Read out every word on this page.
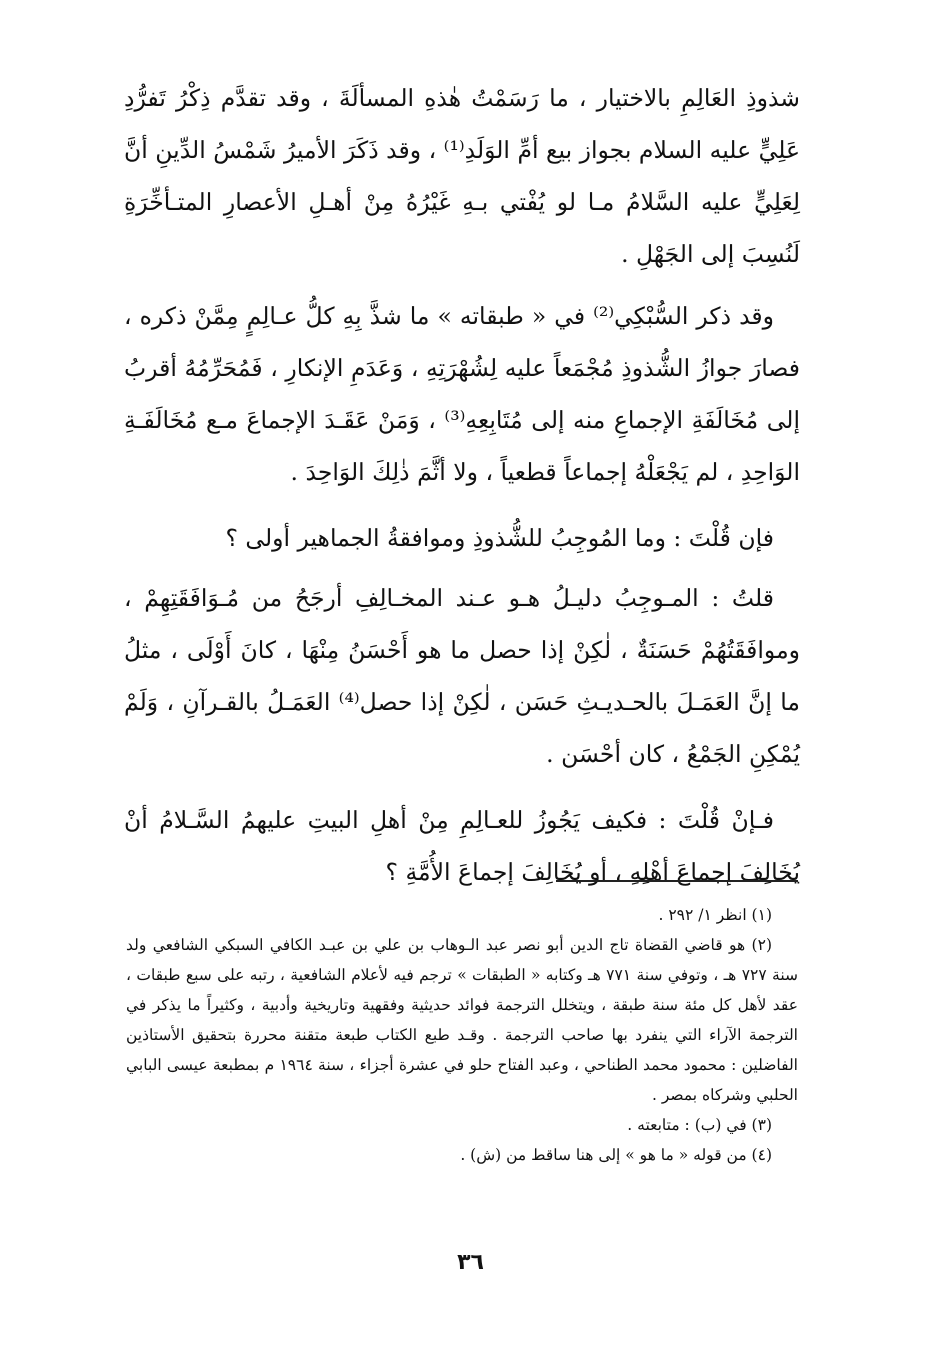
شذوذِ العَالِمِ بالاختيار ، ما رَسَمْتُ هٰذهِ المسألَةَ ، وقد تقدَّم ذِكْرُ تَفرُّدِ عَلِيٍّ عليه السلام بجواز بيع أمِّ الوَلَدِ⁽¹⁾ ، وقد ذَكَرَ الأميرُ شَمْسُ الدِّينِ أنَّ لِعَلِيٍّ عليه السَّلامُ مـا لو يُفْتي بـهِ غَيْرُهُ مِنْ أهـلِ الأعصارِ المتـأخِّرَةِ لَنُسِبَ إلى الجَهْلِ .

وقد ذكر السُّبْكِي⁽²⁾ في « طبقاته » ما شذَّ بِهِ كلُّ عـالِمٍ مِمَّنْ ذكره ، فصارَ جوازُ الشُّذوذِ مُجْمَعاً عليه لِشُهْرَتِهِ ، وَعَدَمِ الإنكارِ ، فَمُحَرِّمُهُ أقربُ إلى مُخَالَفَةِ الإجماعِ منه إلى مُتَابِعِهِ⁽³⁾ ، وَمَنْ عَقَـدَ الإجماعَ مـع مُخَالَفَـةِ الوَاحِدِ ، لم يَجْعَلْهُ إجماعاً قطعياً ، ولا أثَّمَ ذٰلِكَ الوَاحِدَ .

فإن قُلْتَ : وما المُوجِبُ للشُّذوذِ وموافقةُ الجماهير أولى ؟

قلتُ : المـوجِبُ دليـلُ هـو عـند المخـالِفِ أرجَحُ من مُـوَافَقَتِهِمْ ، وموافَقَتُهُمْ حَسَنَةٌ ، لٰكِنْ إذا حصل ما هو أَحْسَنُ مِنْهَا ، كانَ أَوْلَى ، مثلُ ما إنَّ العَمَـلَ بالحـديـثِ حَسَن ، لٰكِنْ إذا حصل⁽⁴⁾ العَمَـلُ بالقـرآنِ ، وَلَمْ يُمْكِنِ الجَمْعُ ، كان أحْسَن .

فـإنْ قُلْتَ : فكيف يَجُوزُ للعـالِمِ مِنْ أهلِ البيتِ عليهمُ السَّـلامُ أنْ يُخَالِفَ إجماعَ أهْلِهِ ، أو يُخَالِفَ إجماعَ الأُمَّةِ ؟

(١) انظر ١/ ٢٩٢ .

(٢) هو قاضي القضاة تاج الدين أبو نصر عبد الـوهاب بن علي بن عبـد الكافي السبكي الشافعي ولد سنة ٧٢٧ هـ ، وتوفي سنة ٧٧١ هـ وكتابه « الطبقات » ترجم فيه لأعلام الشافعية ، رتبه على سبع طبقات ، عقد لأهل كل مئة سنة طبقة ، ويتخلل الترجمة فوائد حديثية وفقهية وتاريخية وأدبية ، وكثيراً ما يذكر في الترجمة الآراء التي ينفرد بها صاحب الترجمة . وقـد طبع الكتاب طبعة متقنة محررة بتحقيق الأستاذين الفاضلين : محمود محمد الطناحي ، وعبد الفتاح حلو في عشرة أجزاء ، سنة ١٩٦٤ م بمطبعة عيسى البابي الحلبي وشركاه بمصر .

(٣) في (ب) : متابعته .

(٤) من قوله « ما هو » إلى هنا ساقط من (ش) .

٣٦
